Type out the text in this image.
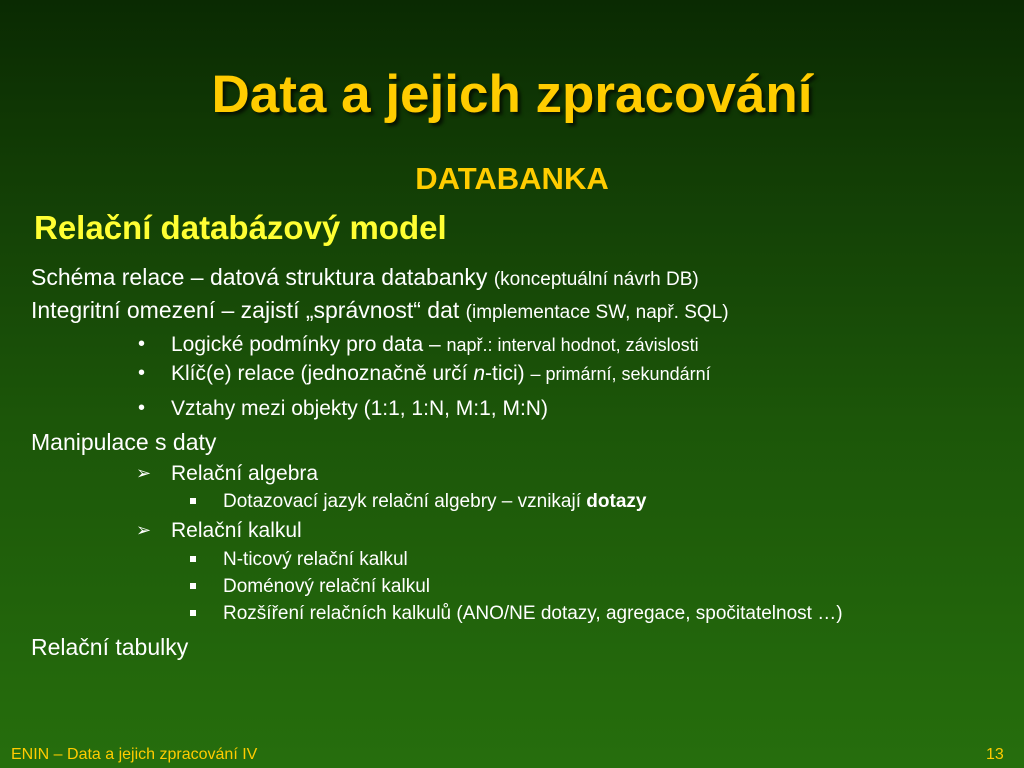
Data a jejich zpracování
DATABANKA
Relační databázový model
Schéma relace – datová struktura databanky (konceptuální návrh DB)
Integritní omezení – zajistí „správnost“ dat (implementace SW, např. SQL)
• Logické podmínky pro data – např.: interval hodnot, závislosti
• Klíč(e) relace (jednoznačně určí n-tici) – primární, sekundární
• Vztahy mezi objekty (1:1, 1:N, M:1, M:N)
Manipulace s daty
➢ Relační algebra
Dotazovací jazyk relační algebry – vznikají dotazy
➢ Relační kalkul
N-ticový relační kalkul
Doménový relační kalkul
Rozšíření relačních kalkulů (ANO/NE dotazy, agregace, spočitatelnost …)
Relační tabulky
ENIN – Data a jejich zpracování IV	13
